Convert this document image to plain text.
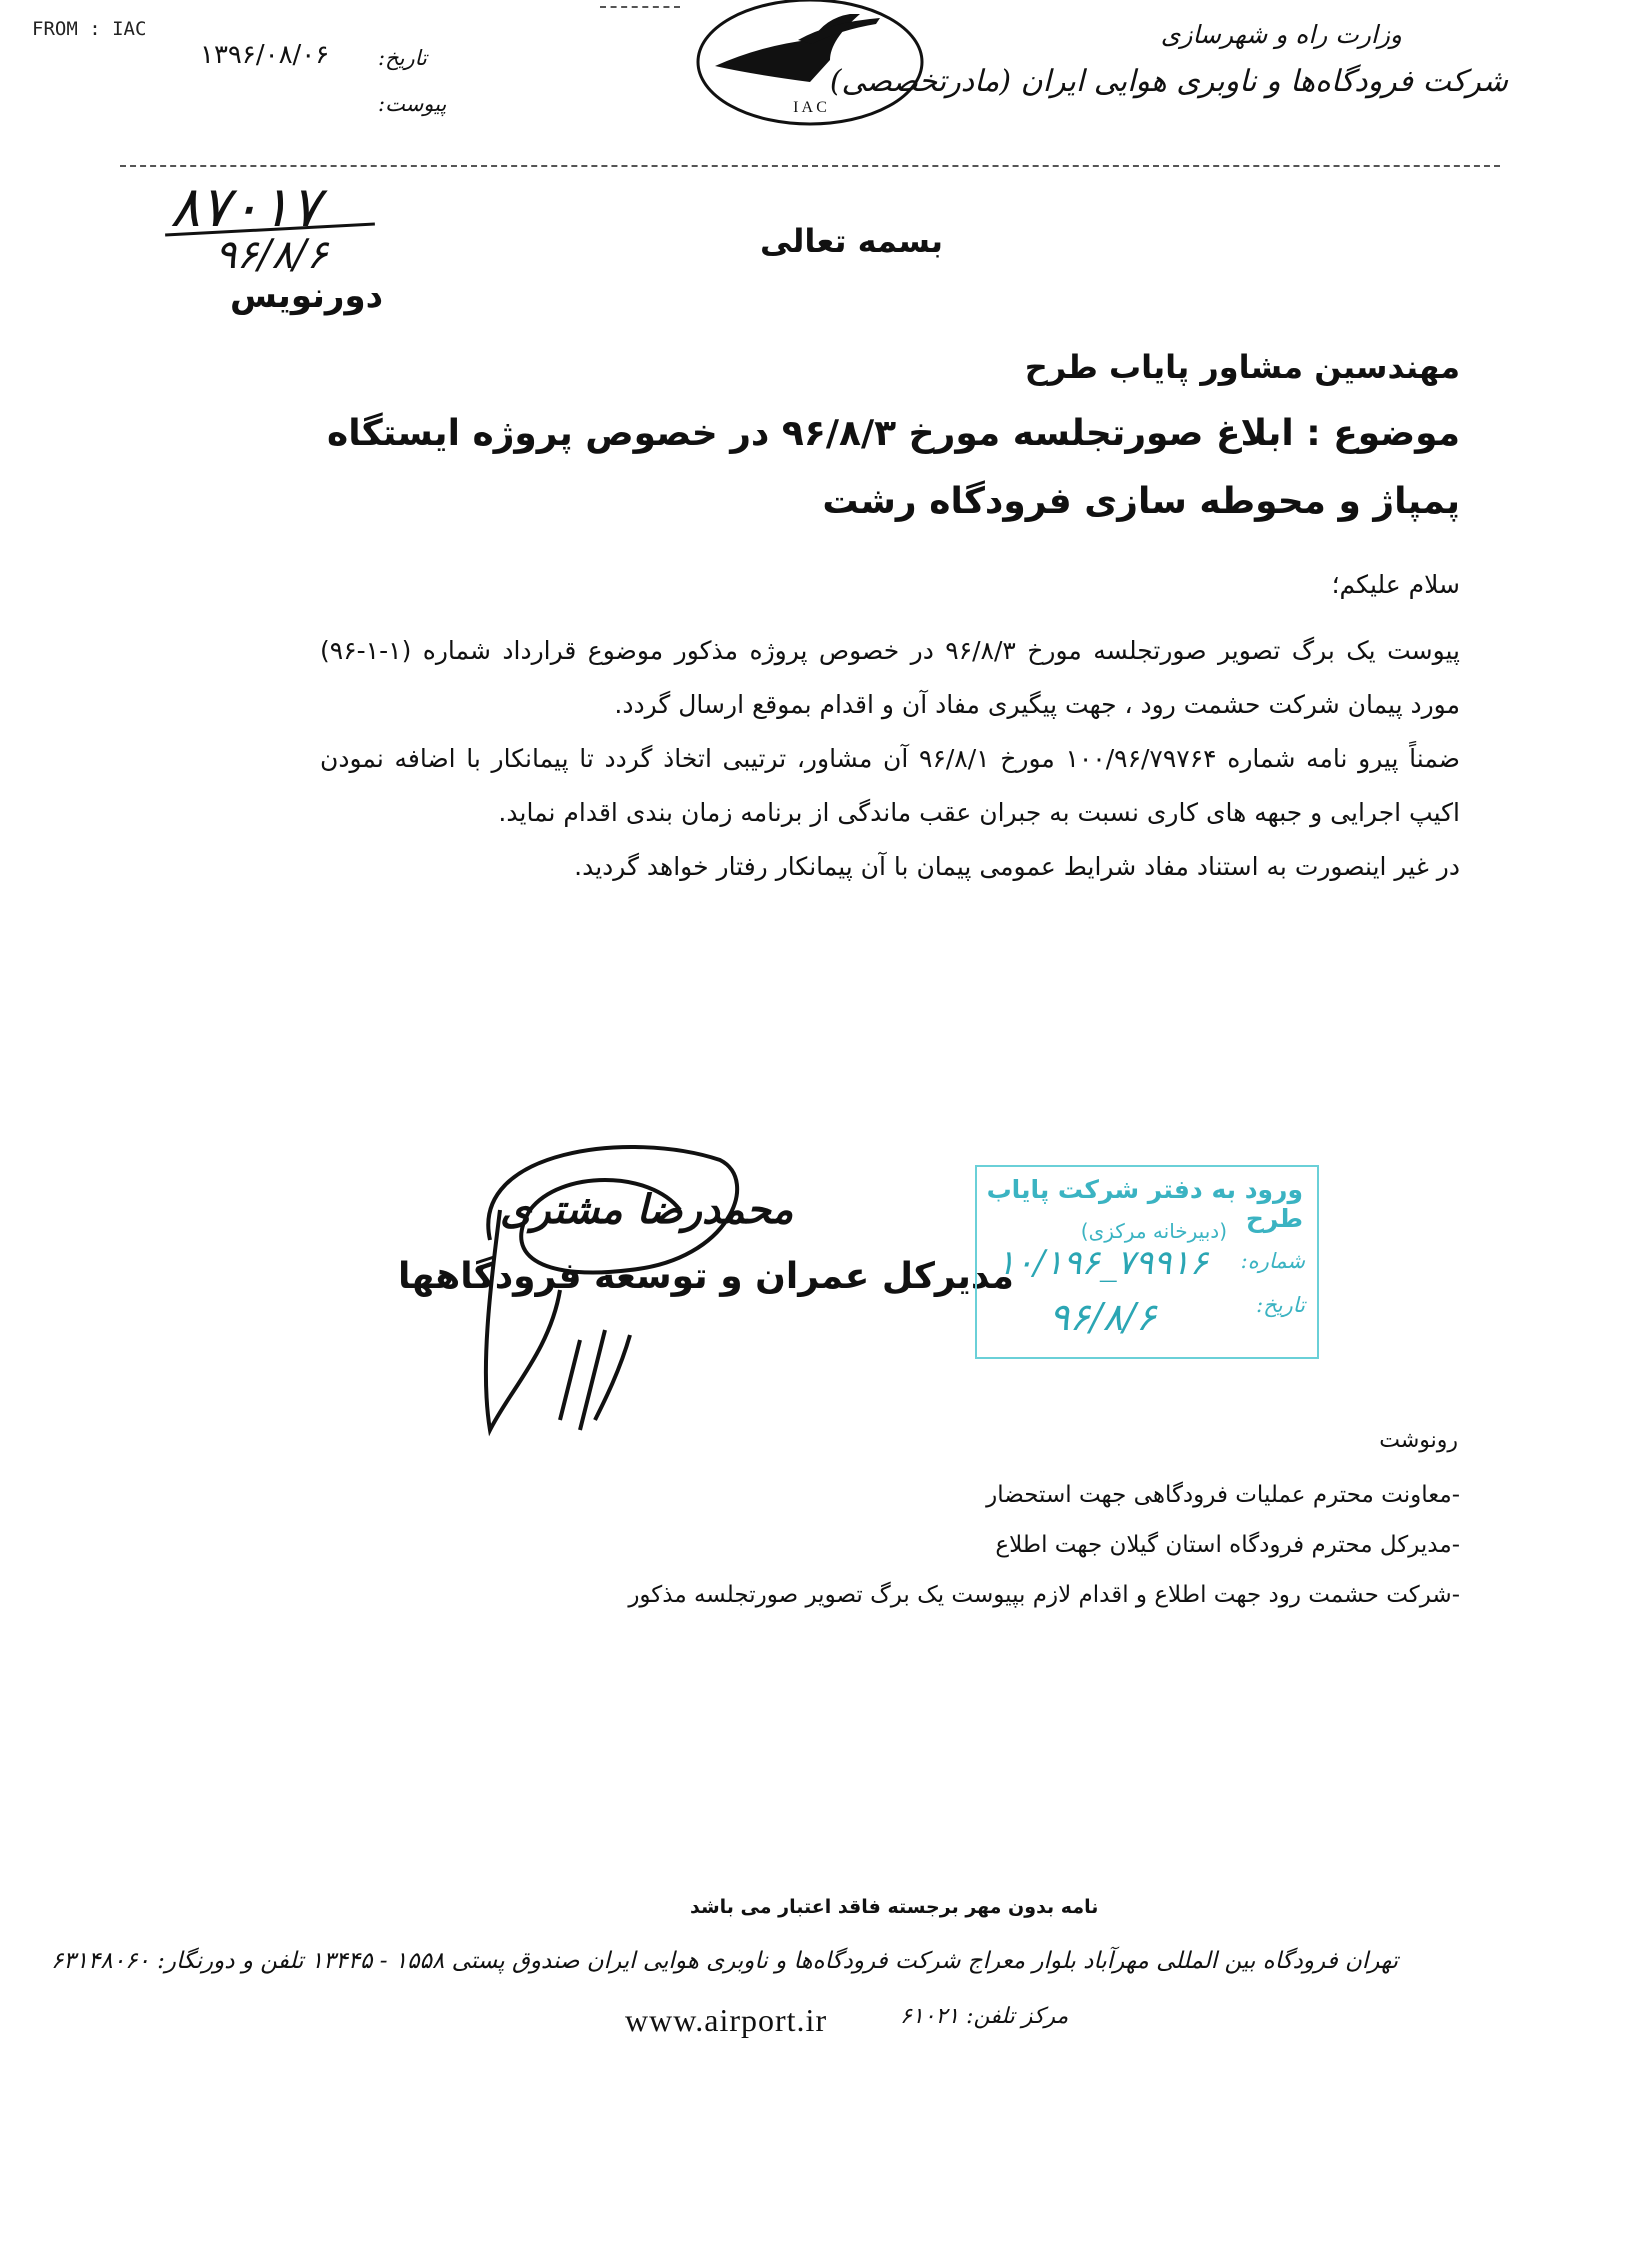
FROM : IAC
۱۳۹۶/۰۸/۰۶ تاریخ:
پیوست:	I A C
وزارت راه و شهرسازی
شرکت فرودگاه‌ها و ناوبری هوایی ایران (مادرتخصصی)
۸۷۰۱۷
۹۶/۸/۶
دورنویس
بسمه تعالی
مهندسین مشاور پایاب طرح
موضوع : ابلاغ صورتجلسه مورخ ۹۶/۸/۳ در خصوص پروژه ایستگاه پمپاژ و محوطه سازی فرودگاه رشت
سلام علیکم؛

پیوست یک برگ تصویر صورتجلسه مورخ ۹۶/۸/۳ در خصوص پروژه مذکور موضوع قرارداد شماره (۱-۱-۹۶) مورد پیمان شرکت حشمت رود ، جهت پیگیری مفاد آن و اقدام بموقع ارسال گردد.

ضمناً پیرو نامه شماره ۱۰۰/۹۶/۷۹۷۶۴ مورخ ۹۶/۸/۱ آن مشاور، ترتیبی اتخاذ گردد تا پیمانکار با اضافه نمودن اکیپ اجرایی و جبهه های کاری نسبت به جبران عقب ماندگی از برنامه زمان بندی اقدام نماید.

در غیر اینصورت به استناد مفاد شرایط عمومی پیمان با آن پیمانکار رفتار خواهد گردید.

محمدرضا مشتری
مدیرکل عمران و توسعه فرودگاهها
ورود به دفتر شرکت پایاب طرح
(دبیرخانه مرکزی)
شماره:
۱۰/۱۹۶_۷۹۹۱۶
تاریخ:
۹۶/۸/۶
رونوشت
-معاونت محترم عملیات فرودگاهی جهت استحضار
-مدیرکل محترم فرودگاه استان گیلان جهت اطلاع
-شرکت حشمت رود جهت اطلاع و اقدام لازم بپیوست یک برگ تصویر صورتجلسه مذکور
نامه بدون مهر برجسته فاقد اعتبار می باشد
تهران فرودگاه بین المللی مهرآباد بلوار معراج شرکت فرودگاه‌ها و ناوبری هوایی ایران صندوق پستی ۱۵۵۸ - ۱۳۴۴۵ تلفن و دورنگار: ۶۳۱۴۸۰۶۰
مرکز تلفن: ۶۱۰۲۱
www.airport.ir
